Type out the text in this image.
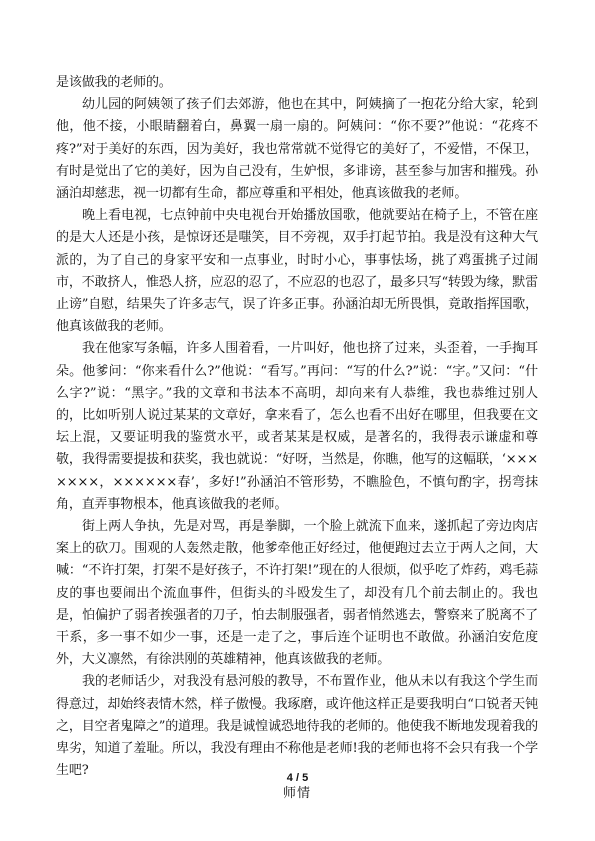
是该做我的老师的。

幼儿园的阿姨领了孩子们去郊游，他也在其中，阿姨摘了一抱花分给大家，轮到他，他不接，小眼睛翻着白，鼻翼一扇一扇的。阿姨问：“你不要?”他说：“花疼不疼?”对于美好的东西，因为美好，我也常常就不觉得它的美好了，不爱惜，不保卫，有时是觉出了它的美好，因为自己没有，生妒恨，多诽谤，甚至参与加害和摧残。孙涵泊却慈悲，视一切都有生命，都应尊重和平相处，他真该做我的老师。

晚上看电视，七点钟前中央电视台开始播放国歌，他就要站在椅子上，不管在座的是大人还是小孩，是惊讶还是嗤笑，目不旁视，双手打起节拍。我是没有这种大气派的，为了自己的身家平安和一点事业，时时小心，事事怯场，挑了鸡蛋挑子过闹市，不敢挤人，惟恐人挤，应忍的忍了，不应忍的也忍了，最多只写“转毁为缘，默雷止谤”自慰，结果失了许多志气，误了许多正事。孙涵泊却无所畏惧，竟敢指挥国歌，他真该做我的老师。

我在他家写条幅，许多人围着看，一片叫好，他也挤了过来，头歪着，一手掏耳朵。他爹问：“你来看什么?”他说：“看写。”再问：“写的什么?”说：“字。”又问：“什么字?”说：“黑字。”我的文章和书法本不高明，却向来有人恭维，我也恭维过别人的，比如听别人说过某某的文章好，拿来看了，怎么也看不出好在哪里，但我要在文坛上混，又要证明我的鉴赏水平，或者某某是权威，是著名的，我得表示谦虚和尊敬，我得需要提拔和获奖，我也就说：“好呀，当然是，你瞧，他写的这幅联，‘×××××××，××××××春’，多好!”孙涵泊不管形势，不瞧脸色，不慎句酌字，拐弯抹角，直弄事物根本，他真该做我的老师。

街上两人争执，先是对骂，再是拳脚，一个脸上就流下血来，遂抓起了旁边肉店案上的砍刀。围观的人轰然走散，他爹牵他正好经过，他便跑过去立于两人之间，大喊：“不许打架，打架不是好孩子，不许打架!”现在的人很烦，似乎吃了炸药，鸡毛蒜皮的事也要闹出个流血事件，但街头的斗殴发生了，却没有几个前去制止的。我也是，怕偏护了弱者挨强者的刀子，怕去制服强者，弱者悄然逃去，警察来了脱离不了干系，多一事不如少一事，还是一走了之，事后连个证明也不敢做。孙涵泊安危度外，大义凛然，有徐洪刚的英雄精神，他真该做我的老师。

我的老师话少，对我没有悬河般的教导，不布置作业，他从未以有我这个学生而得意过，却始终表情木然，样子傲慢。我琢磨，或许他这样正是要我明白“口锐者天钝之，目空者鬼障之”的道理。我是诚惶诚恐地待我的老师的。他使我不断地发现着我的卑劣，知道了羞耻。所以，我没有理由不称他是老师!我的老师也将不会只有我一个学生吧?

师情

4 / 5
